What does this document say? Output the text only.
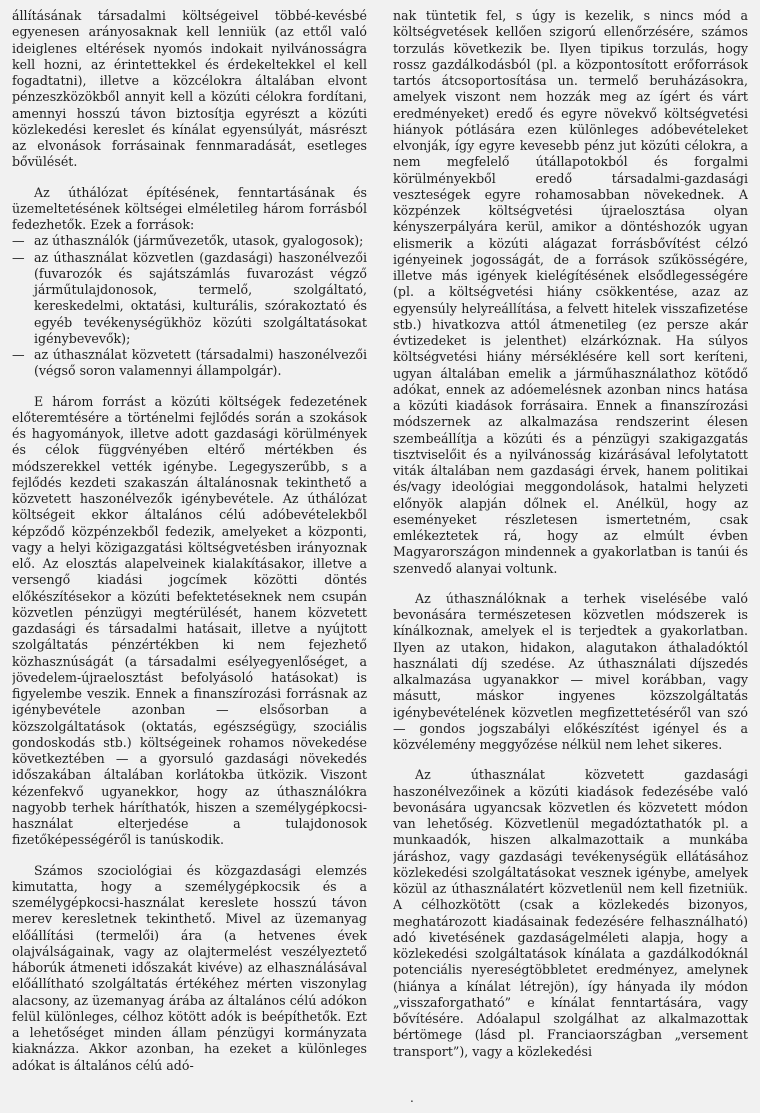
állításának társadalmi költségeivel többé-kevésbé egyenesen arányosaknak kell lenniük (az ettől való ideiglenes eltérések nyomós indokait nyilvánosságra kell hozni, az érintettekkel és érdekeltekkel el kell fogadtatni), illetve a közcélokra általában elvont pénzeszközökből annyit kell a közúti célokra fordítani, amennyi hosszú távon biztosítja egyrészt a közúti közlekedési kereslet és kínálat egyensúlyát, másrészt az elvonások forrásainak fennmaradását, esetleges bővülését.

Az úthálózat építésének, fenntartásának és üzemeltetésének költségei elméletileg három forrásból fedezhetők. Ezek a források:

— az úthasználók (járművezetők, utasok, gyalogosok);
— az úthasználat közvetlen (gazdasági) haszonélvezői (fuvarozók és sajátszámlás fuvarozást végző járműtulajdonosok, termelő, szolgáltató, kereskedelmi, oktatási, kulturális, szórakoztató és egyéb tevékenységükhöz közúti szolgáltatásokat igénybevevők);
— az úthasználat közvetett (társadalmi) haszonélvezői (végső soron valamennyi állampolgár).

E három forrást a közúti költségek fedezetének előteremtésére a történelmi fejlődés során a szokások és hagyományok, illetve adott gazdasági körülmények és célok függvényében eltérő mértékben és módszerekkel vették igénybe. Legegyszerűbb, s a fejlődés kezdeti szakaszán általánosnak tekinthető a közvetett haszonélvezők igénybevétele. Az úthálózat költségeit ekkor általános célú adóbevételekből képződő közpénzekből fedezik, amelyeket a központi, vagy a helyi közigazgatási költségvetésben irányoznak elő. Az elosztás alapelveinek kialakításakor, illetve a versengő kiadási jogcímek közötti döntés előkészítésekor a közúti befektetéseknek nem csupán közvetlen pénzügyi megtérülését, hanem közvetett gazdasági és társadalmi hatásait, illetve a nyújtott szolgáltatás pénzértékben ki nem fejezhető közhasznúságát (a társadalmi esélyegyenlőséget, a jövedelem-újraelosztást befolyásoló hatásokat) is figyelembe veszik. Ennek a finanszírozási forrásnak az igénybevétele azonban — elsősorban a közszolgáltatások (oktatás, egészségügy, szociális gondoskodás stb.) költségeinek rohamos növekedése következtében — a gyorsuló gazdasági növekedés időszakában általában korlátokba ütközik. Viszont kézenfekvő ugyanekkor, hogy az úthasználókra nagyobb terhek háríthatók, hiszen a személygépkocsi-használat elterjedése a tulajdonosok fizetőképességéről is tanúskodik.

Számos szociológiai és közgazdasági elemzés kimutatta, hogy a személygépkocsik és a személygépkocsi-használat kereslete hosszú távon merev keresletnek tekinthető. Mivel az üzemanyag előállítási (termelői) ára (a hetvenes évek olajválságainak, vagy az olajtermelést veszélyeztető háborúk átmeneti időszakát kivéve) az elhasználásával előállítható szolgáltatás értékéhez mérten viszonylag alacsony, az üzemanyag árába az általános célú adókon felül különleges, célhoz kötött adók is beépíthetők. Ezt a lehetőséget minden állam pénzügyi kormányzata kiaknázza. Akkor azonban, ha ezeket a különleges adókat is általános célú adó-

nak tüntetik fel, s úgy is kezelik, s nincs mód a költségvetések kellően szigorú ellenőrzésére, számos torzulás következik be. Ilyen tipikus torzulás, hogy rossz gazdálkodásból (pl. a központosított erőforrások tartós átcsoportosítása un. termelő beruházásokra, amelyek viszont nem hozzák meg az ígért és várt eredményeket) eredő és egyre növekvő költségvetési hiányok pótlására ezen különleges adóbevételeket elvonják, így egyre kevesebb pénz jut közúti célokra, a nem megfelelő útállapotokból és forgalmi körülményekből eredő társadalmi-gazdasági veszteségek egyre rohamosabban növekednek. A közpénzek költségvetési újraelosztása olyan kényszerpályára kerül, amikor a döntéshozók ugyan elismerik a közúti alágazat forrásbővítést célzó igényeinek jogosságát, de a források szűkösségére, illetve más igények kielégítésének elsődlegességére (pl. a költségvetési hiány csökkentése, azaz az egyensúly helyreállítása, a felvett hitelek visszafizetése stb.) hivatkozva attól átmenetileg (ez persze akár évtizedeket is jelenthet) elzárkóznak. Ha súlyos költségvetési hiány mérséklésére kell sort keríteni, ugyan általában emelik a járműhasználathoz kötődő adókat, ennek az adóemelésnek azonban nincs hatása a közúti kiadások forrásaira. Ennek a finanszírozási módszernek az alkalmazása rendszerint élesen szembeállítja a közúti és a pénzügyi szakigazgatás tisztviselőit és a nyilvánosság kizárásával lefolytatott viták általában nem gazdasági érvek, hanem politikai és/vagy ideológiai meggondolások, hatalmi helyzeti előnyök alapján dőlnek el. Anélkül, hogy az eseményeket részletesen ismertetném, csak emlékeztetek rá, hogy az elmúlt évben Magyarországon mindennek a gyakorlatban is tanúi és szenvedő alanyai voltunk.

Az úthasználóknak a terhek viselésébe való bevonására természetesen közvetlen módszerek is kínálkoznak, amelyek el is terjedtek a gyakorlatban. Ilyen az utakon, hidakon, alagutakon áthaladóktól használati díj szedése. Az úthasználati díjszedés alkalmazása ugyanakkor — mivel korábban, vagy másutt, máskor ingyenes közszolgáltatás igénybevételének közvetlen megfizettetéséről van szó — gondos jogszabályi előkészítést igényel és a közvélemény meggyőzése nélkül nem lehet sikeres.

Az úthasználat közvetett gazdasági haszonélvezőinek a közúti kiadások fedezésébe való bevonására ugyancsak közvetlen és közvetett módon van lehetőség. Közvetlenül megadóztathatók pl. a munkaadók, hiszen alkalmazottaik a munkába járáshoz, vagy gazdasági tevékenységük ellátásához közlekedési szolgáltatásokat vesznek igénybe, amelyek közül az úthasználatért közvetlenül nem kell fizetniük. A célhozkötött (csak a közlekedés bizonyos, meghatározott kiadásainak fedezésére felhasználható) adó kivetésének gazdaságelméleti alapja, hogy a közlekedési szolgáltatások kínálata a gazdálkodóknál potenciális nyereségtöbbletet eredményez, amelynek (hiánya a kínálat létrejön), így hányada ily módon „visszaforgatható” e kínálat fenntartására, vagy bővítésére. Adóalapul szolgálhat az alkalmazottak bértömege (lásd pl. Franciaországban „versement transport”), vagy a közlekedési

.
